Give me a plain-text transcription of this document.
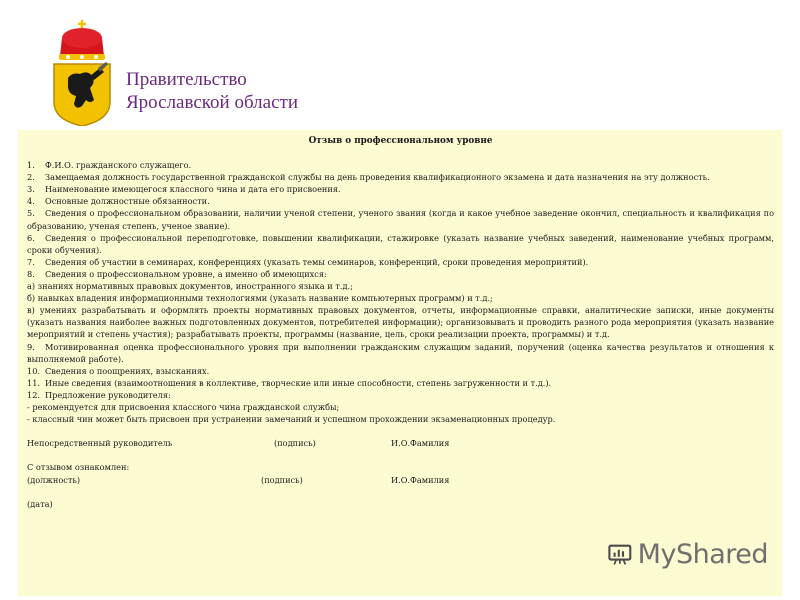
Правительство
Ярославской области
Отзыв о профессиональном уровне

1. Ф.И.О. гражданского служащего.

2. Замещаемая должность государственной гражданской службы на день проведения квалификационного экзамена и дата назначения на эту должность.

3. Наименование имеющегося классного чина и дата его присвоения.

4. Основные должностные обязанности.

5. Сведения о профессиональном образовании, наличии ученой степени, ученого звания (когда и какое учебное заведение окончил, специальность и квалификация по образованию, ученая степень, ученое звание).

6. Сведения о профессиональной переподготовке, повышении квалификации, стажировке (указать название учебных заведений, наименование учебных программ, сроки обучения).

7. Сведения об участии в семинарах, конференциях (указать темы семинаров, конференций, сроки проведения мероприятий).

8. Сведения о профессиональном уровне, а именно об имеющихся:

а) знаниях нормативных правовых документов, иностранного языка и т.д.;

б) навыках владения информационными технологиями (указать название компьютерных программ) и т.д.;

в) умениях разрабатывать и оформлять проекты нормативных правовых документов, отчеты, информационные справки, аналитические записки, иные документы (указать названия наиболее важных подготовленных документов, потребителей информации); организовывать и проводить разного рода мероприятия (указать название мероприятий и степень участия); разрабатывать проекты, программы (название, цель, сроки реализации проекта, программы) и т.д.

9. Мотивированная оценка профессионального уровня при выполнении гражданским служащим заданий, поручений (оценка качества результатов и отношения к выполняемой работе).

10. Сведения о поощрениях, взысканиях.

11. Иные сведения (взаимоотношения в коллективе, творческие или иные способности, степень загруженности и т.д.).

12. Предложение руководителя:

- рекомендуется для присвоения классного чина гражданской службы;

- классный чин может быть присвоен при устранении замечаний и успешном прохождении экзаменационных процедур.

Непосредственный руководитель	(подпись)	И.О.Фамилия
С отзывом ознакомлен:
(должность)	(подпись)	И.О.Фамилия
(дата)
MyShared
